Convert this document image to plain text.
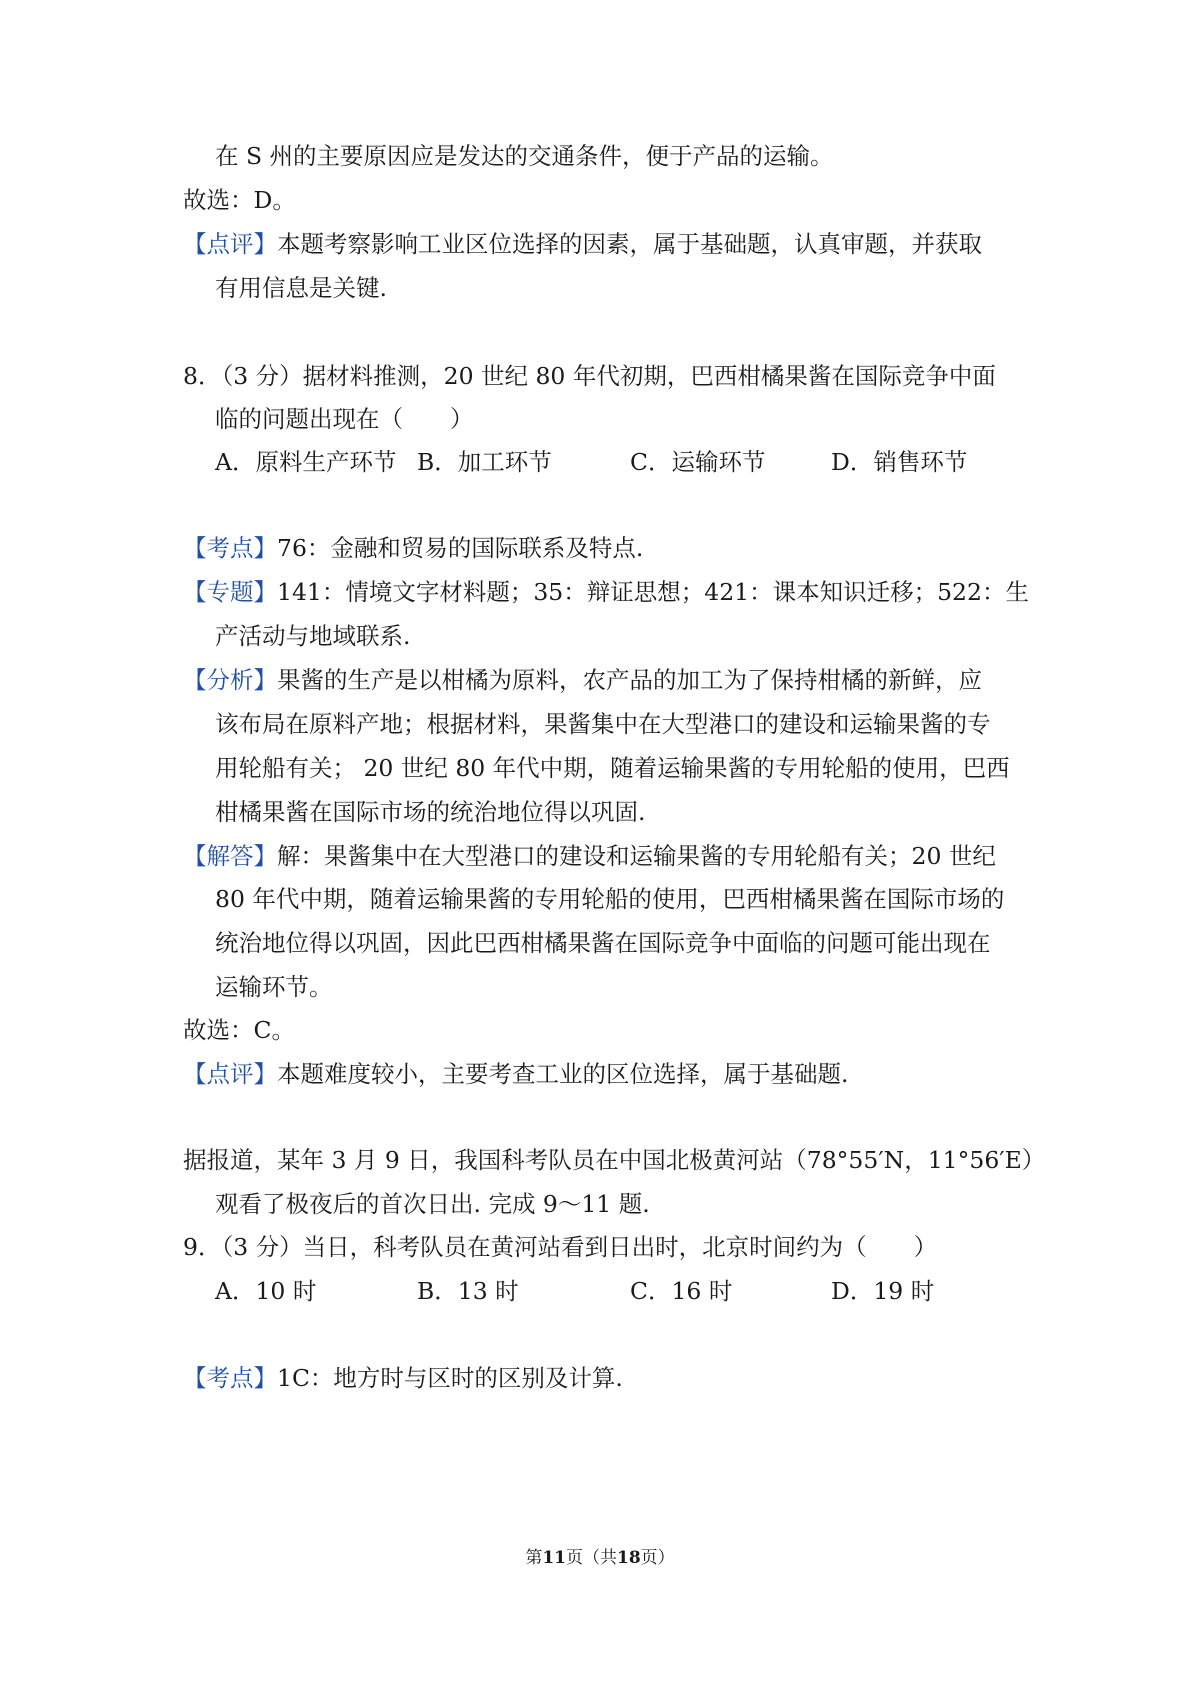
在 S 州的主要原因应是发达的交通条件，便于产品的运输。
故选：D。
【点评】本题考察影响工业区位选择的因素，属于基础题，认真审题，并获取
有用信息是关键.
8．（3 分）据材料推测，20 世纪 80 年代初期，巴西柑橘果酱在国际竞争中面
临的问题出现在（　　）
A．原料生产环节 B．加工环节	C．运输环节	D．销售环节
【考点】76：金融和贸易的国际联系及特点.
【专题】141：情境文字材料题；35：辩证思想；421：课本知识迁移；522：生
产活动与地域联系.
【分析】果酱的生产是以柑橘为原料，农产品的加工为了保持柑橘的新鲜，应
该布局在原料产地；根据材料，果酱集中在大型港口的建设和运输果酱的专
用轮船有关； 20 世纪 80 年代中期，随着运输果酱的专用轮船的使用，巴西
柑橘果酱在国际市场的统治地位得以巩固.
【解答】解：果酱集中在大型港口的建设和运输果酱的专用轮船有关；20 世纪
80 年代中期，随着运输果酱的专用轮船的使用，巴西柑橘果酱在国际市场的
统治地位得以巩固，因此巴西柑橘果酱在国际竞争中面临的问题可能出现在
运输环节。
故选：C。
【点评】本题难度较小，主要考查工业的区位选择，属于基础题.
据报道，某年 3 月 9 日，我国科考队员在中国北极黄河站（78°55′N，11°56′E）
观看了极夜后的首次日出. 完成 9～11 题.
9．（3 分）当日，科考队员在黄河站看到日出时，北京时间约为（　　）
A．10 时	B．13 时	C．16 时	D．19 时
【考点】1C：地方时与区时的区别及计算.
第11页（共18页）
